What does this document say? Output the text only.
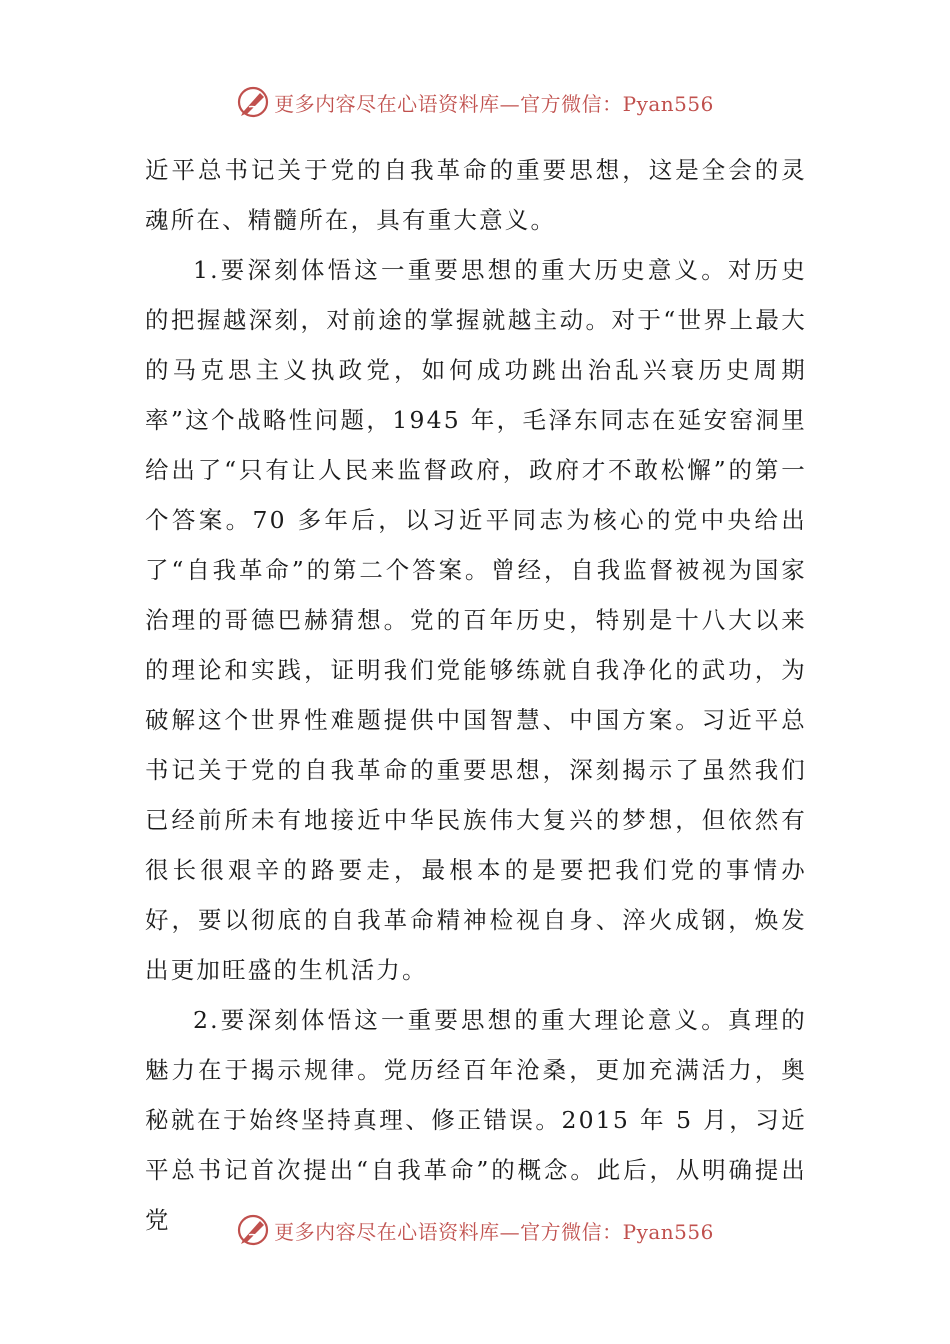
更多内容尽在心语资料库—官方微信：Pyan556

近平总书记关于党的自我革命的重要思想，这是全会的灵魂所在、精髓所在，具有重大意义。

1.要深刻体悟这一重要思想的重大历史意义。对历史的把握越深刻，对前途的掌握就越主动。对于“世界上最大的马克思主义执政党，如何成功跳出治乱兴衰历史周期率”这个战略性问题，1945 年，毛泽东同志在延安窑洞里给出了“只有让人民来监督政府，政府才不敢松懈”的第一个答案。70 多年后，以习近平同志为核心的党中央给出了“自我革命”的第二个答案。曾经，自我监督被视为国家治理的哥德巴赫猜想。党的百年历史，特别是十八大以来的理论和实践，证明我们党能够练就自我净化的武功，为破解这个世界性难题提供中国智慧、中国方案。习近平总书记关于党的自我革命的重要思想，深刻揭示了虽然我们已经前所未有地接近中华民族伟大复兴的梦想，但依然有很长很艰辛的路要走，最根本的是要把我们党的事情办好，要以彻底的自我革命精神检视自身、淬火成钢，焕发出更加旺盛的生机活力。

2.要深刻体悟这一重要思想的重大理论意义。真理的魅力在于揭示规律。党历经百年沧桑，更加充满活力，奥秘就在于始终坚持真理、修正错误。2015 年 5 月，习近平总书记首次提出“自我革命”的概念。此后，从明确提出党	更多内容尽在心语资料库—官方微信：Pyan556
